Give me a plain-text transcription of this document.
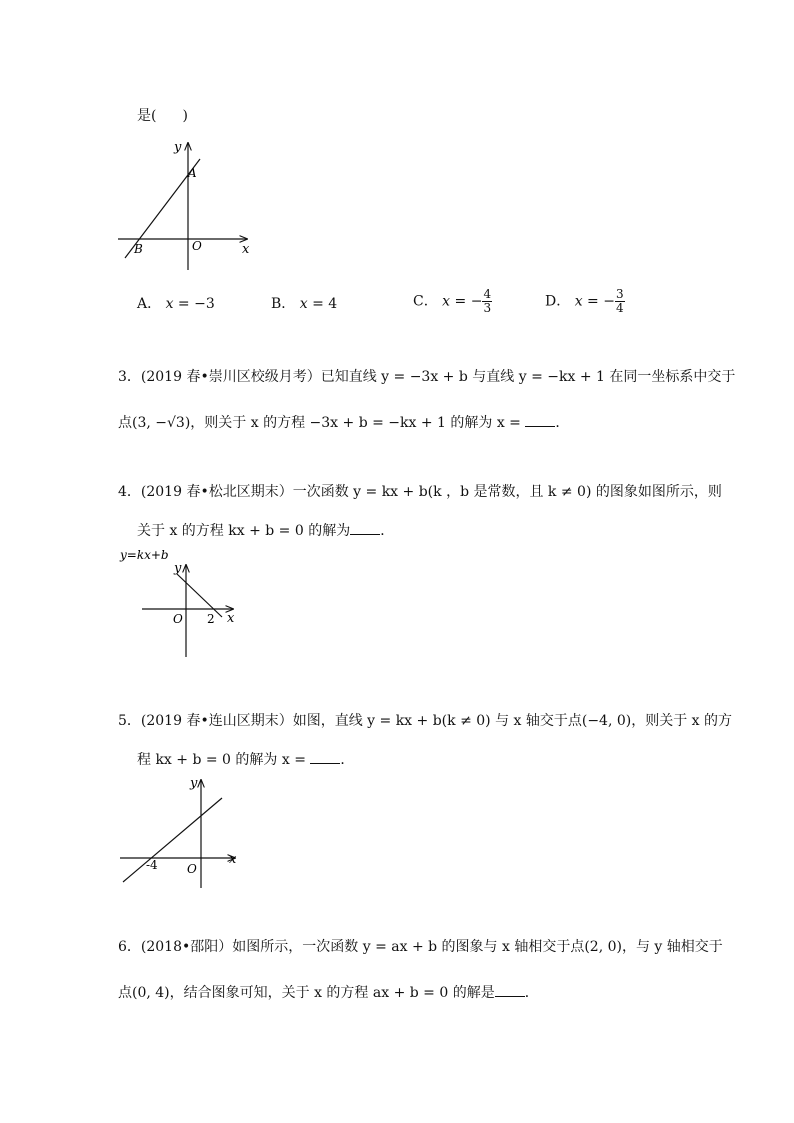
是( )
y
x
O
A
B
A． x = −3	B． x = 4	C． x = − $\frac{4}{3}$	D． x = − $\frac{3}{4}$
3．(2019 春•崇川区校级月考）已知直线 y = −3x + b 与直线 y = −kx + 1 在同一坐标系中交于
点(3, −√3)，则关于 x 的方程 −3x + b = −kx + 1 的解为 x = ．
4．(2019 春•松北区期末）一次函数 y = kx + b(k ，b 是常数，且 k ≠ 0) 的图象如图所示，则
关于 x 的方程 kx + b = 0 的解为 ．
y=kx+b
y
x
O 2
5．(2019 春•连山区期末）如图，直线 y = kx + b(k ≠ 0) 与 x 轴交于点(−4, 0)，则关于 x 的方
程 kx + b = 0 的解为 x = ．
y
x
O
-4
6．(2018•邵阳）如图所示，一次函数 y = ax + b 的图象与 x 轴相交于点(2, 0)，与 y 轴相交于
点(0, 4)，结合图象可知，关于 x 的方程 ax + b = 0 的解是 ．
